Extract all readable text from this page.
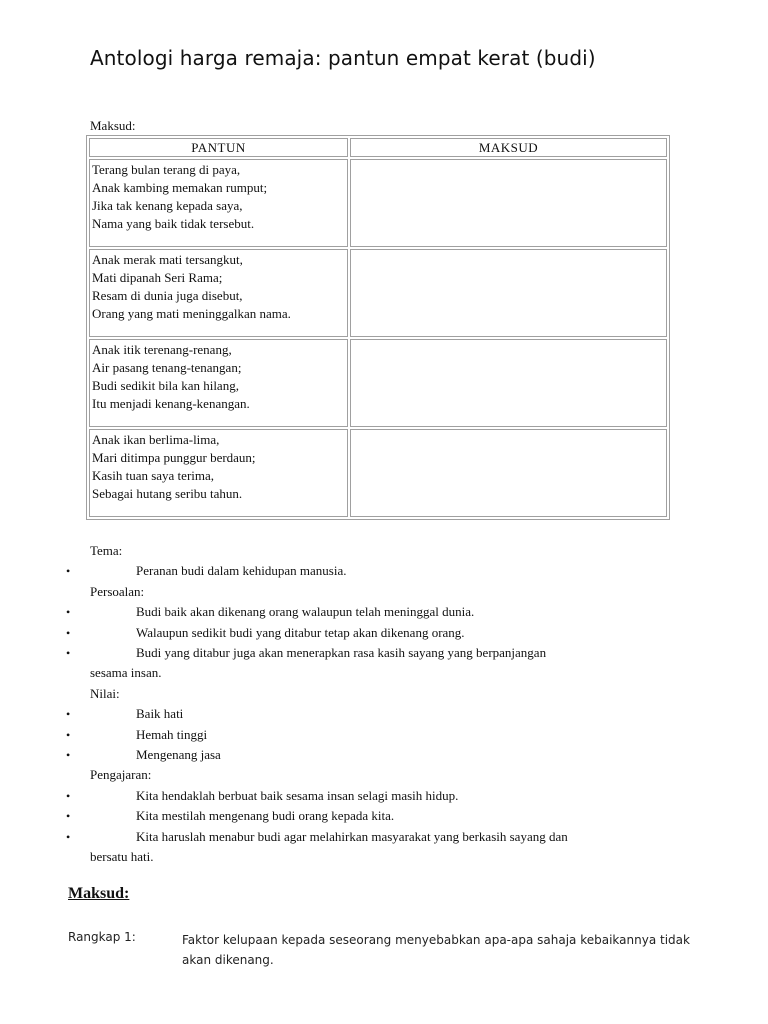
Antologi harga remaja: pantun empat kerat (budi)
Maksud:
PANTUN	MAKSUD

Terang bulan terang di paya,
Anak kambing memakan rumput;
Jika tak kenang kepada saya,
Nama yang baik tidak tersebut.	

Anak merak mati tersangkut,
Mati dipanah Seri Rama;
Resam di dunia juga disebut,
Orang yang mati meninggalkan nama.	

Anak itik terenang-renang,
Air pasang tenang-tenangan;
Budi sedikit bila kan hilang,
Itu menjadi kenang-kenangan.	

Anak ikan berlima-lima,
Mari ditimpa punggur berdaun;
Kasih tuan saya terima,
Sebagai hutang seribu tahun.	

Tema:
•	Peranan budi dalam kehidupan manusia.
Persoalan:
•	Budi baik akan dikenang orang walaupun telah meninggal dunia.
•	Walaupun sedikit budi yang ditabur tetap akan dikenang orang.
•	Budi yang ditabur juga akan menerapkan rasa kasih sayang yang berpanjangan
sesama insan.
Nilai:
•	Baik hati
•	Hemah tinggi
•	Mengenang jasa
Pengajaran:
•	Kita hendaklah berbuat baik sesama insan selagi masih hidup.
•	Kita mestilah mengenang budi orang kepada kita.
•	Kita haruslah menabur budi agar melahirkan masyarakat yang berkasih sayang dan
bersatu hati.
Maksud:
Rangkap 1:	Faktor kelupaan kepada seseorang menyebabkan apa-apa sahaja kebaikannya tidak
akan dikenang.
